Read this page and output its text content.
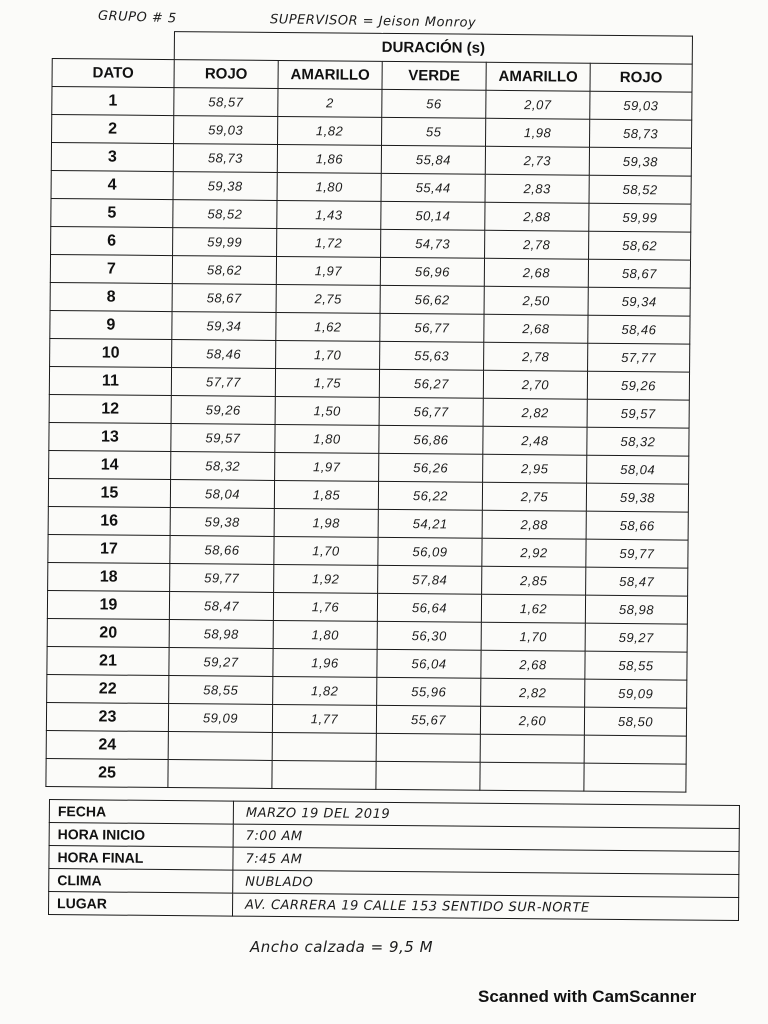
GRUPO # 5	SUPERVISOR = Jeison Monroy
	DURACIÓN (s)				
DATO	ROJO	AMARILLO	VERDE	AMARILLO	ROJO
1	58,57	2	56	2,07	59,03
2	59,03	1,82	55	1,98	58,73
3	58,73	1,86	55,84	2,73	59,38
4	59,38	1,80	55,44	2,83	58,52
5	58,52	1,43	50,14	2,88	59,99
6	59,99	1,72	54,73	2,78	58,62
7	58,62	1,97	56,96	2,68	58,67
8	58,67	2,75	56,62	2,50	59,34
9	59,34	1,62	56,77	2,68	58,46
10	58,46	1,70	55,63	2,78	57,77
11	57,77	1,75	56,27	2,70	59,26
12	59,26	1,50	56,77	2,82	59,57
13	59,57	1,80	56,86	2,48	58,32
14	58,32	1,97	56,26	2,95	58,04
15	58,04	1,85	56,22	2,75	59,38
16	59,38	1,98	54,21	2,88	58,66
17	58,66	1,70	56,09	2,92	59,77
18	59,77	1,92	57,84	2,85	58,47
19	58,47	1,76	56,64	1,62	58,98
20	58,98	1,80	56,30	1,70	59,27
21	59,27	1,96	56,04	2,68	58,55
22	58,55	1,82	55,96	2,82	59,09
23	59,09	1,77	55,67	2,60	58,50
24					
25					
FECHA	MARZO 19 DEL 2019
HORA INICIO	7:00 AM
HORA FINAL	7:45 AM
CLIMA	NUBLADO
LUGAR	AV. CARRERA 19 CALLE 153 SENTIDO SUR-NORTE
Ancho calzada = 9,5 M
Scanned with CamScanner
